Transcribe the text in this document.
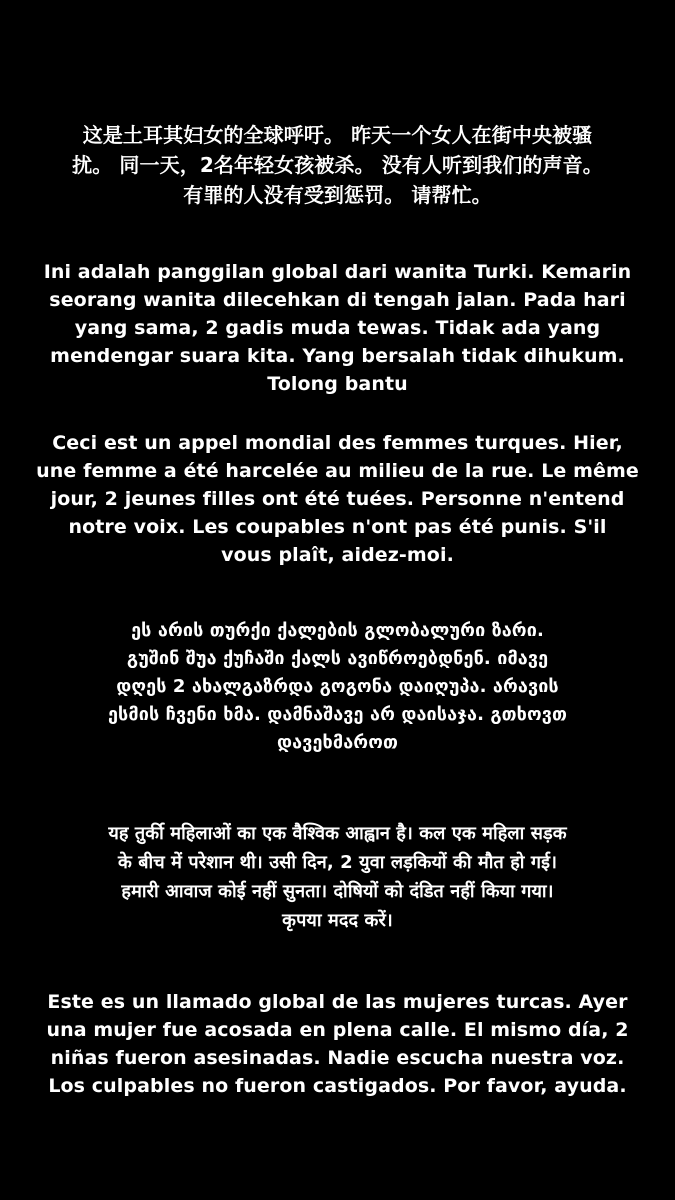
这是土耳其妇女的全球呼吁。 昨天一个女人在街中央被骚
扰。 同一天，2名年轻女孩被杀。 没有人听到我们的声音。
有罪的人没有受到惩罚。 请帮忙。
Ini adalah panggilan global dari wanita Turki. Kemarin
seorang wanita dilecehkan di tengah jalan. Pada hari
yang sama, 2 gadis muda tewas. Tidak ada yang
mendengar suara kita. Yang bersalah tidak dihukum.
Tolong bantu
Ceci est un appel mondial des femmes turques. Hier,
une femme a été harcelée au milieu de la rue. Le même
jour, 2 jeunes filles ont été tuées. Personne n'entend
notre voix. Les coupables n'ont pas été punis. S'il
vous plaît, aidez-moi.
ეს არის თურქი ქალების გლობალური ზარი.
გუშინ შუა ქუჩაში ქალს ავიწროებდნენ. იმავე
დღეს 2 ახალგაზრდა გოგონა დაიღუპა. არავის
ესმის ჩვენი ხმა. დამნაშავე არ დაისაჯა. გთხოვთ
დავეხმაროთ
यह तुर्की महिलाओं का एक वैश्विक आह्वान है। कल एक महिला सड़क
के बीच में परेशान थी। उसी दिन, 2 युवा लड़कियों की मौत हो गई।
हमारी आवाज कोई नहीं सुनता। दोषियों को दंडित नहीं किया गया।
कृपया मदद करें।
Este es un llamado global de las mujeres turcas. Ayer
una mujer fue acosada en plena calle. El mismo día, 2
niñas fueron asesinadas. Nadie escucha nuestra voz.
Los culpables no fueron castigados. Por favor, ayuda.
